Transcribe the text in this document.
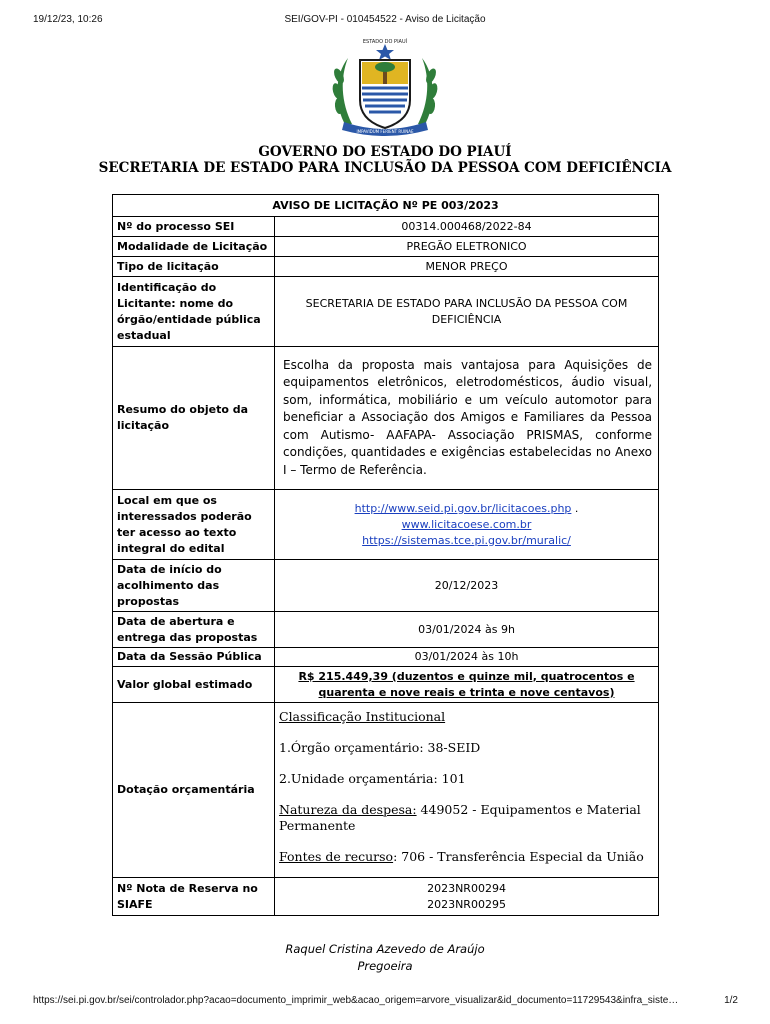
19/12/23, 10:26	SEI/GOV-PI - 010454522 - Aviso de Licitação
IMPAVIDUM FERIENT RUINAE
ESTADO DO PIAUÍ
GOVERNO DO ESTADO DO PIAUÍ
SECRETARIA DE ESTADO PARA INCLUSÃO DA PESSOA COM DEFICIÊNCIA
AVISO DE LICITAÇÃO Nº PE 003/2023	
Nº do processo SEI	00314.000468/2022-84
Modalidade de Licitação	PREGÃO ELETRONICO
Tipo de licitação	MENOR PREÇO
Identificação do Licitante: nome do órgão/entidade pública estadual	SECRETARIA DE ESTADO PARA INCLUSÃO DA PESSOA COM DEFICIÊNCIA
Resumo do objeto da licitação	Escolha da proposta mais vantajosa para Aquisições de equipamentos eletrônicos, eletrodomésticos, áudio visual, som, informática, mobiliário e um veículo automotor para beneficiar a Associação dos Amigos e Familiares da Pessoa com Autismo- AAFAPA- Associação PRISMAS, conforme condições, quantidades e exigências estabelecidas no Anexo I – Termo de Referência.
Local em que os interessados poderão ter acesso ao texto integral do edital	http://www.seid.pi.gov.br/licitacoes.php .
www.licitacoese.com.br
https://sistemas.tce.pi.gov.br/muralic/
Data de início do acolhimento das propostas	20/12/2023
Data de abertura e entrega das propostas	03/01/2024 às 9h
Data da Sessão Pública	03/01/2024 às 10h
Valor global estimado	R$ 215.449,39 (duzentos e quinze mil, quatrocentos e quarenta e nove reais e trinta e nove centavos)
Dotação orçamentária	Classificação Institucional

1.Órgão orçamentário: 38-SEID

2.Unidade orçamentária: 101

Natureza da despesa: 449052 - Equipamentos e Material Permanente

Fontes de recurso: 706 - Transferência Especial da União

Nº Nota de Reserva no SIAFE	2023NR00294
2023NR00295
Raquel Cristina Azevedo de Araújo
Pregoeira
https://sei.pi.gov.br/sei/controlador.php?acao=documento_imprimir_web&acao_origem=arvore_visualizar&id_documento=11729543&infra_siste…	1/2
